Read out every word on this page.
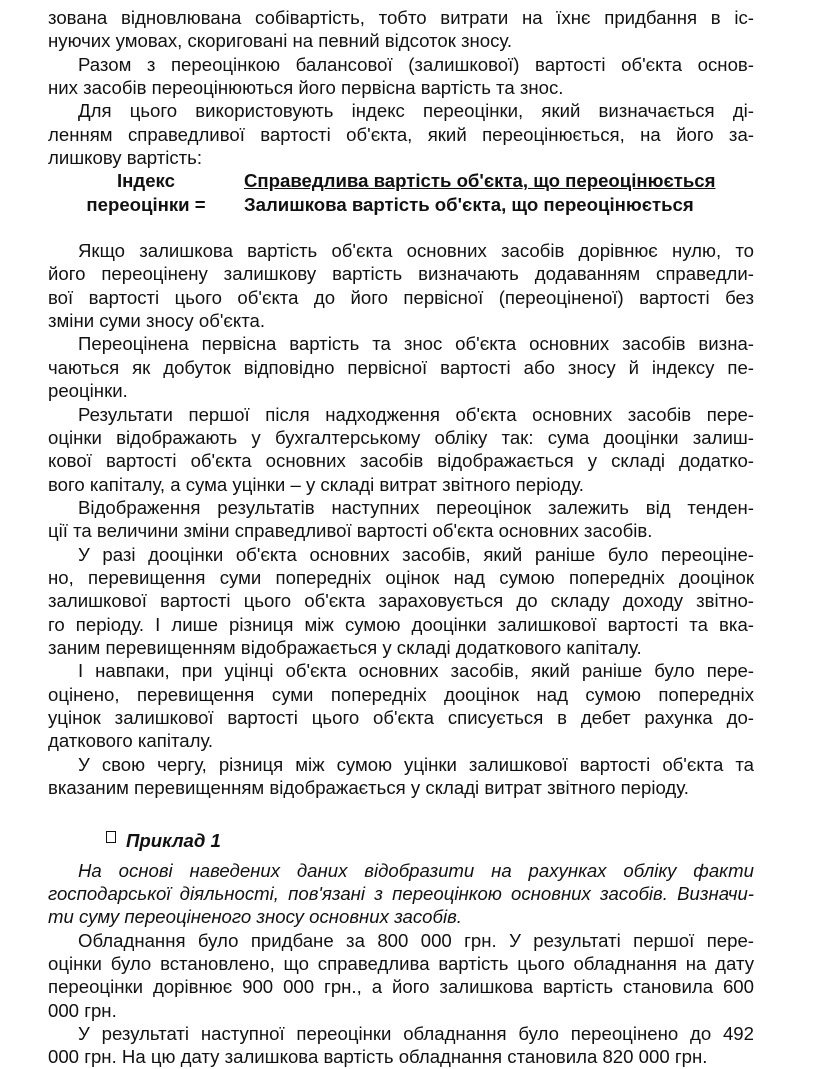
зована відновлювана собівартість, тобто витрати на їхнє придбання в іс-
нуючих умовах, скориговані на певний відсоток зносу.
Разом з переоцінкою балансової (залишкової) вартості об'єкта основ-
них засобів переоцінюються його первісна вартість та знос.
Для цього використовують індекс переоцінки, який визначається ді-
ленням справедливої вартості об'єкта, який переоцінюється, на його за-
лишкову вартість:
Індекс
переоцінки =
Справедлива вартість об'єкта, що переоцінюється
Залишкова вартість об'єкта, що переоцінюється
Якщо залишкова вартість об'єкта основних засобів дорівнює нулю, то
його переоцінену залишкову вартість визначають додаванням справедли-
вої вартості цього об'єкта до його первісної (переоціненої) вартості без
зміни суми зносу об'єкта.
Переоцінена первісна вартість та знос об'єкта основних засобів визна-
чаються як добуток відповідно первісної вартості або зносу й індексу пе-
реоцінки.
Результати першої після надходження об'єкта основних засобів пере-
оцінки відображають у бухгалтерському обліку так: сума дооцінки залиш-
кової вартості об'єкта основних засобів відображається у складі додатко-
вого капіталу, а сума уцінки – у складі витрат звітного періоду.
Відображення результатів наступних переоцінок залежить від тенден-
ції та величини зміни справедливої вартості об'єкта основних засобів.
У разі дооцінки об'єкта основних засобів, який раніше було переоціне-
но, перевищення суми попередніх оцінок над сумою попередніх дооцінок
залишкової вартості цього об'єкта зараховується до складу доходу звітно-
го періоду. І лише різниця між сумою дооцінки залишкової вартості та вка-
заним перевищенням відображається у складі додаткового капіталу.
І навпаки, при уцінці об'єкта основних засобів, який раніше було пере-
оцінено, перевищення суми попередніх дооцінок над сумою попередніх
уцінок залишкової вартості цього об'єкта списується в дебет рахунка до-
даткового капіталу.
У свою чергу, різниця між сумою уцінки залишкової вартості об'єкта та
вказаним перевищенням відображається у складі витрат звітного періоду.
Приклад 1
На основі наведених даних відобразити на рахунках обліку факти
господарської діяльності, пов'язані з переоцінкою основних засобів. Визначи-
ти суму переоціненого зносу основних засобів.
Обладнання було придбане за 800 000 грн. У результаті першої пере-
оцінки було встановлено, що справедлива вартість цього обладнання на дату
переоцінки дорівнює 900 000 грн., а його залишкова вартість становила 600
000 грн.
У результаті наступної переоцінки обладнання було переоцінено до 492
000 грн. На цю дату залишкова вартість обладнання становила 820 000 грн.
